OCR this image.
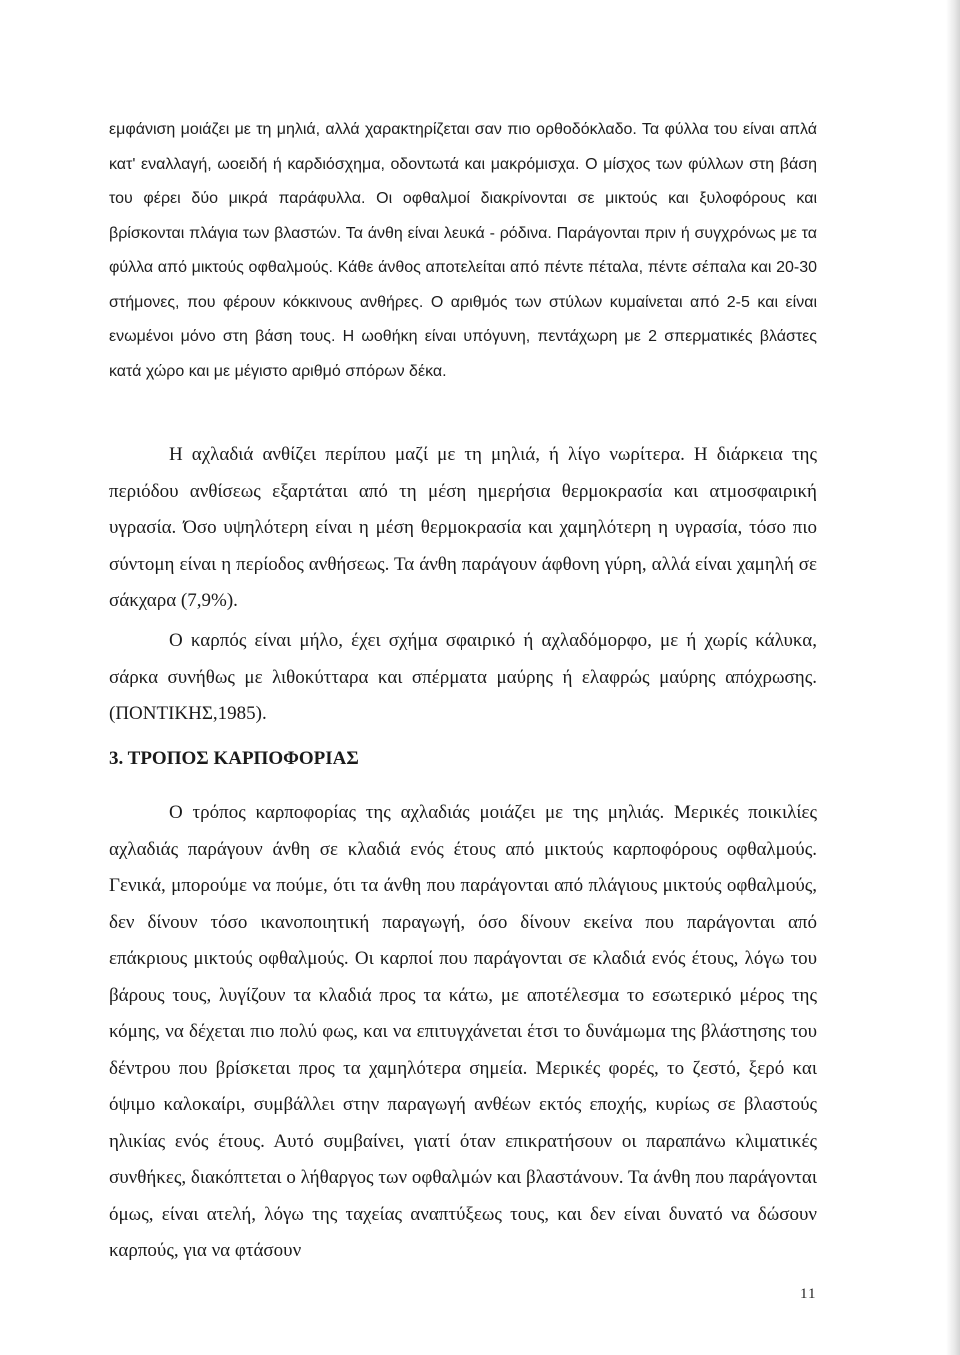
εμφάνιση μοιάζει με τη μηλιά, αλλά χαρακτηρίζεται σαν πιο ορθοδόκλαδο. Τα φύλλα του είναι απλά κατ' εναλλαγή, ωοειδή ή καρδιόσχημα, οδοντωτά και μακρόμισχα. Ο μίσχος των φύλλων στη βάση του φέρει δύο μικρά παράφυλλα. Οι οφθαλμοί διακρίνονται σε μικτούς και ξυλοφόρους και βρίσκονται πλάγια των βλαστών. Τα άνθη είναι λευκά - ρόδινα. Παράγονται πριν ή συγχρόνως με τα φύλλα από μικτούς οφθαλμούς. Κάθε άνθος αποτελείται από πέντε πέταλα, πέντε σέπαλα και 20-30 στήμονες, που φέρουν κόκκινους ανθήρες. Ο αριθμός των στύλων κυμαίνεται από 2-5 και είναι ενωμένοι μόνο στη βάση τους. Η ωοθήκη είναι υπόγυνη, πεντάχωρη με 2 σπερματικές βλάστες κατά χώρο και με μέγιστο αριθμό σπόρων δέκα.

Η αχλαδιά ανθίζει περίπου μαζί με τη μηλιά, ή λίγο νωρίτερα. Η διάρκεια της περιόδου ανθίσεως εξαρτάται από τη μέση ημερήσια θερμοκρασία και ατμοσφαιρική υγρασία. Όσο υψηλότερη είναι η μέση θερμοκρασία και χαμηλότερη η υγρασία, τόσο πιο σύντομη είναι η περίοδος ανθήσεως. Τα άνθη παράγουν άφθονη γύρη, αλλά είναι χαμηλή σε σάκχαρα (7,9%).

Ο καρπός είναι μήλο, έχει σχήμα σφαιρικό ή αχλαδόμορφο, με ή χωρίς κάλυκα, σάρκα συνήθως με λιθοκύτταρα και σπέρματα μαύρης ή ελαφρώς μαύρης απόχρωσης. (ΠΟΝΤΙΚΗΣ,1985).

3. ΤΡΟΠΟΣ ΚΑΡΠΟΦΟΡΙΑΣ

Ο τρόπος καρποφορίας της αχλαδιάς μοιάζει με της μηλιάς. Μερικές ποικιλίες αχλαδιάς παράγουν άνθη σε κλαδιά ενός έτους από μικτούς καρποφόρους οφθαλμούς. Γενικά, μπορούμε να πούμε, ότι τα άνθη που παράγονται από πλάγιους μικτούς οφθαλμούς, δεν δίνουν τόσο ικανοποιητική παραγωγή, όσο δίνουν εκείνα που παράγονται από επάκριους μικτούς οφθαλμούς. Οι καρποί που παράγονται σε κλαδιά ενός έτους, λόγω του βάρους τους, λυγίζουν τα κλαδιά προς τα κάτω, με αποτέλεσμα το εσωτερικό μέρος της κόμης, να δέχεται πιο πολύ φως, και να επιτυγχάνεται έτσι το δυνάμωμα της βλάστησης του δέντρου που βρίσκεται προς τα χαμηλότερα σημεία. Μερικές φορές, το ζεστό, ξερό και όψιμο καλοκαίρι, συμβάλλει στην παραγωγή ανθέων εκτός εποχής, κυρίως σε βλαστούς ηλικίας ενός έτους. Αυτό συμβαίνει, γιατί όταν επικρατήσουν οι παραπάνω κλιματικές συνθήκες, διακόπτεται ο λήθαργος των οφθαλμών και βλαστάνουν. Τα άνθη που παράγονται όμως, είναι ατελή, λόγω της ταχείας αναπτύξεως τους, και δεν είναι δυνατό να δώσουν καρπούς, για να φτάσουν

11
